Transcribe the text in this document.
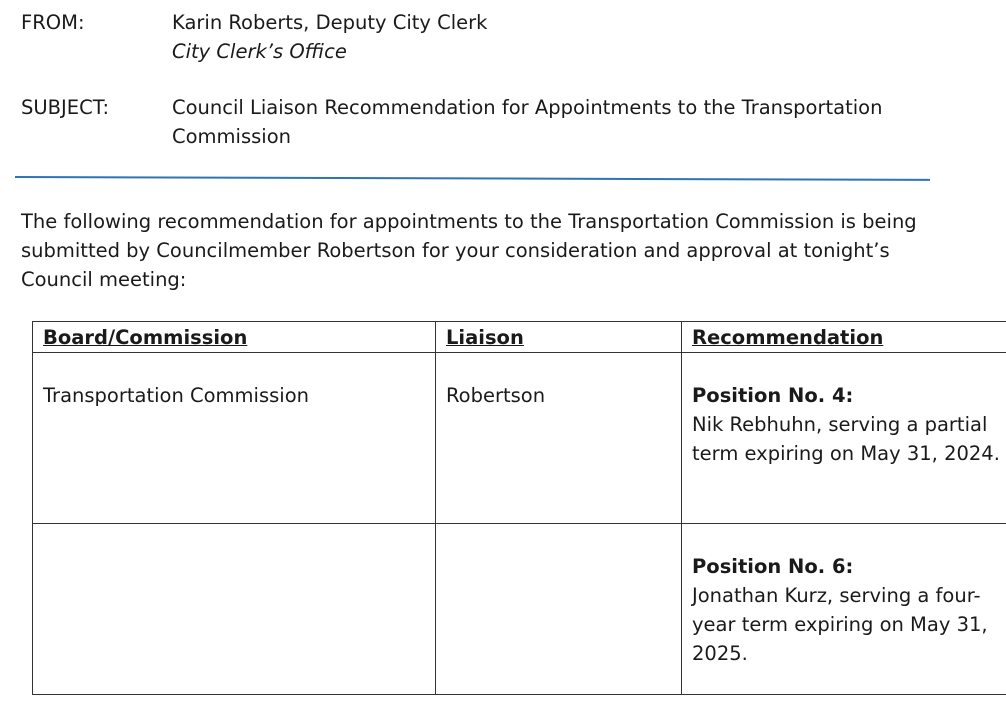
FROM:	Karin Roberts, Deputy City Clerk
City Clerk’s Office
SUBJECT:	Council Liaison Recommendation for Appointments to the Transportation Commission
The following recommendation for appointments to the Transportation Commission is being submitted by Councilmember Robertson for your consideration and approval at tonight’s Council meeting:
Board/Commission	Liaison	Recommendation

Transportation Commission	Robertson	Position No. 4:
Nik Rebhuhn, serving a partial term expiring on May 31, 2024.

		Position No. 6:
Jonathan Kurz, serving a four-year term expiring on May 31, 2025.
